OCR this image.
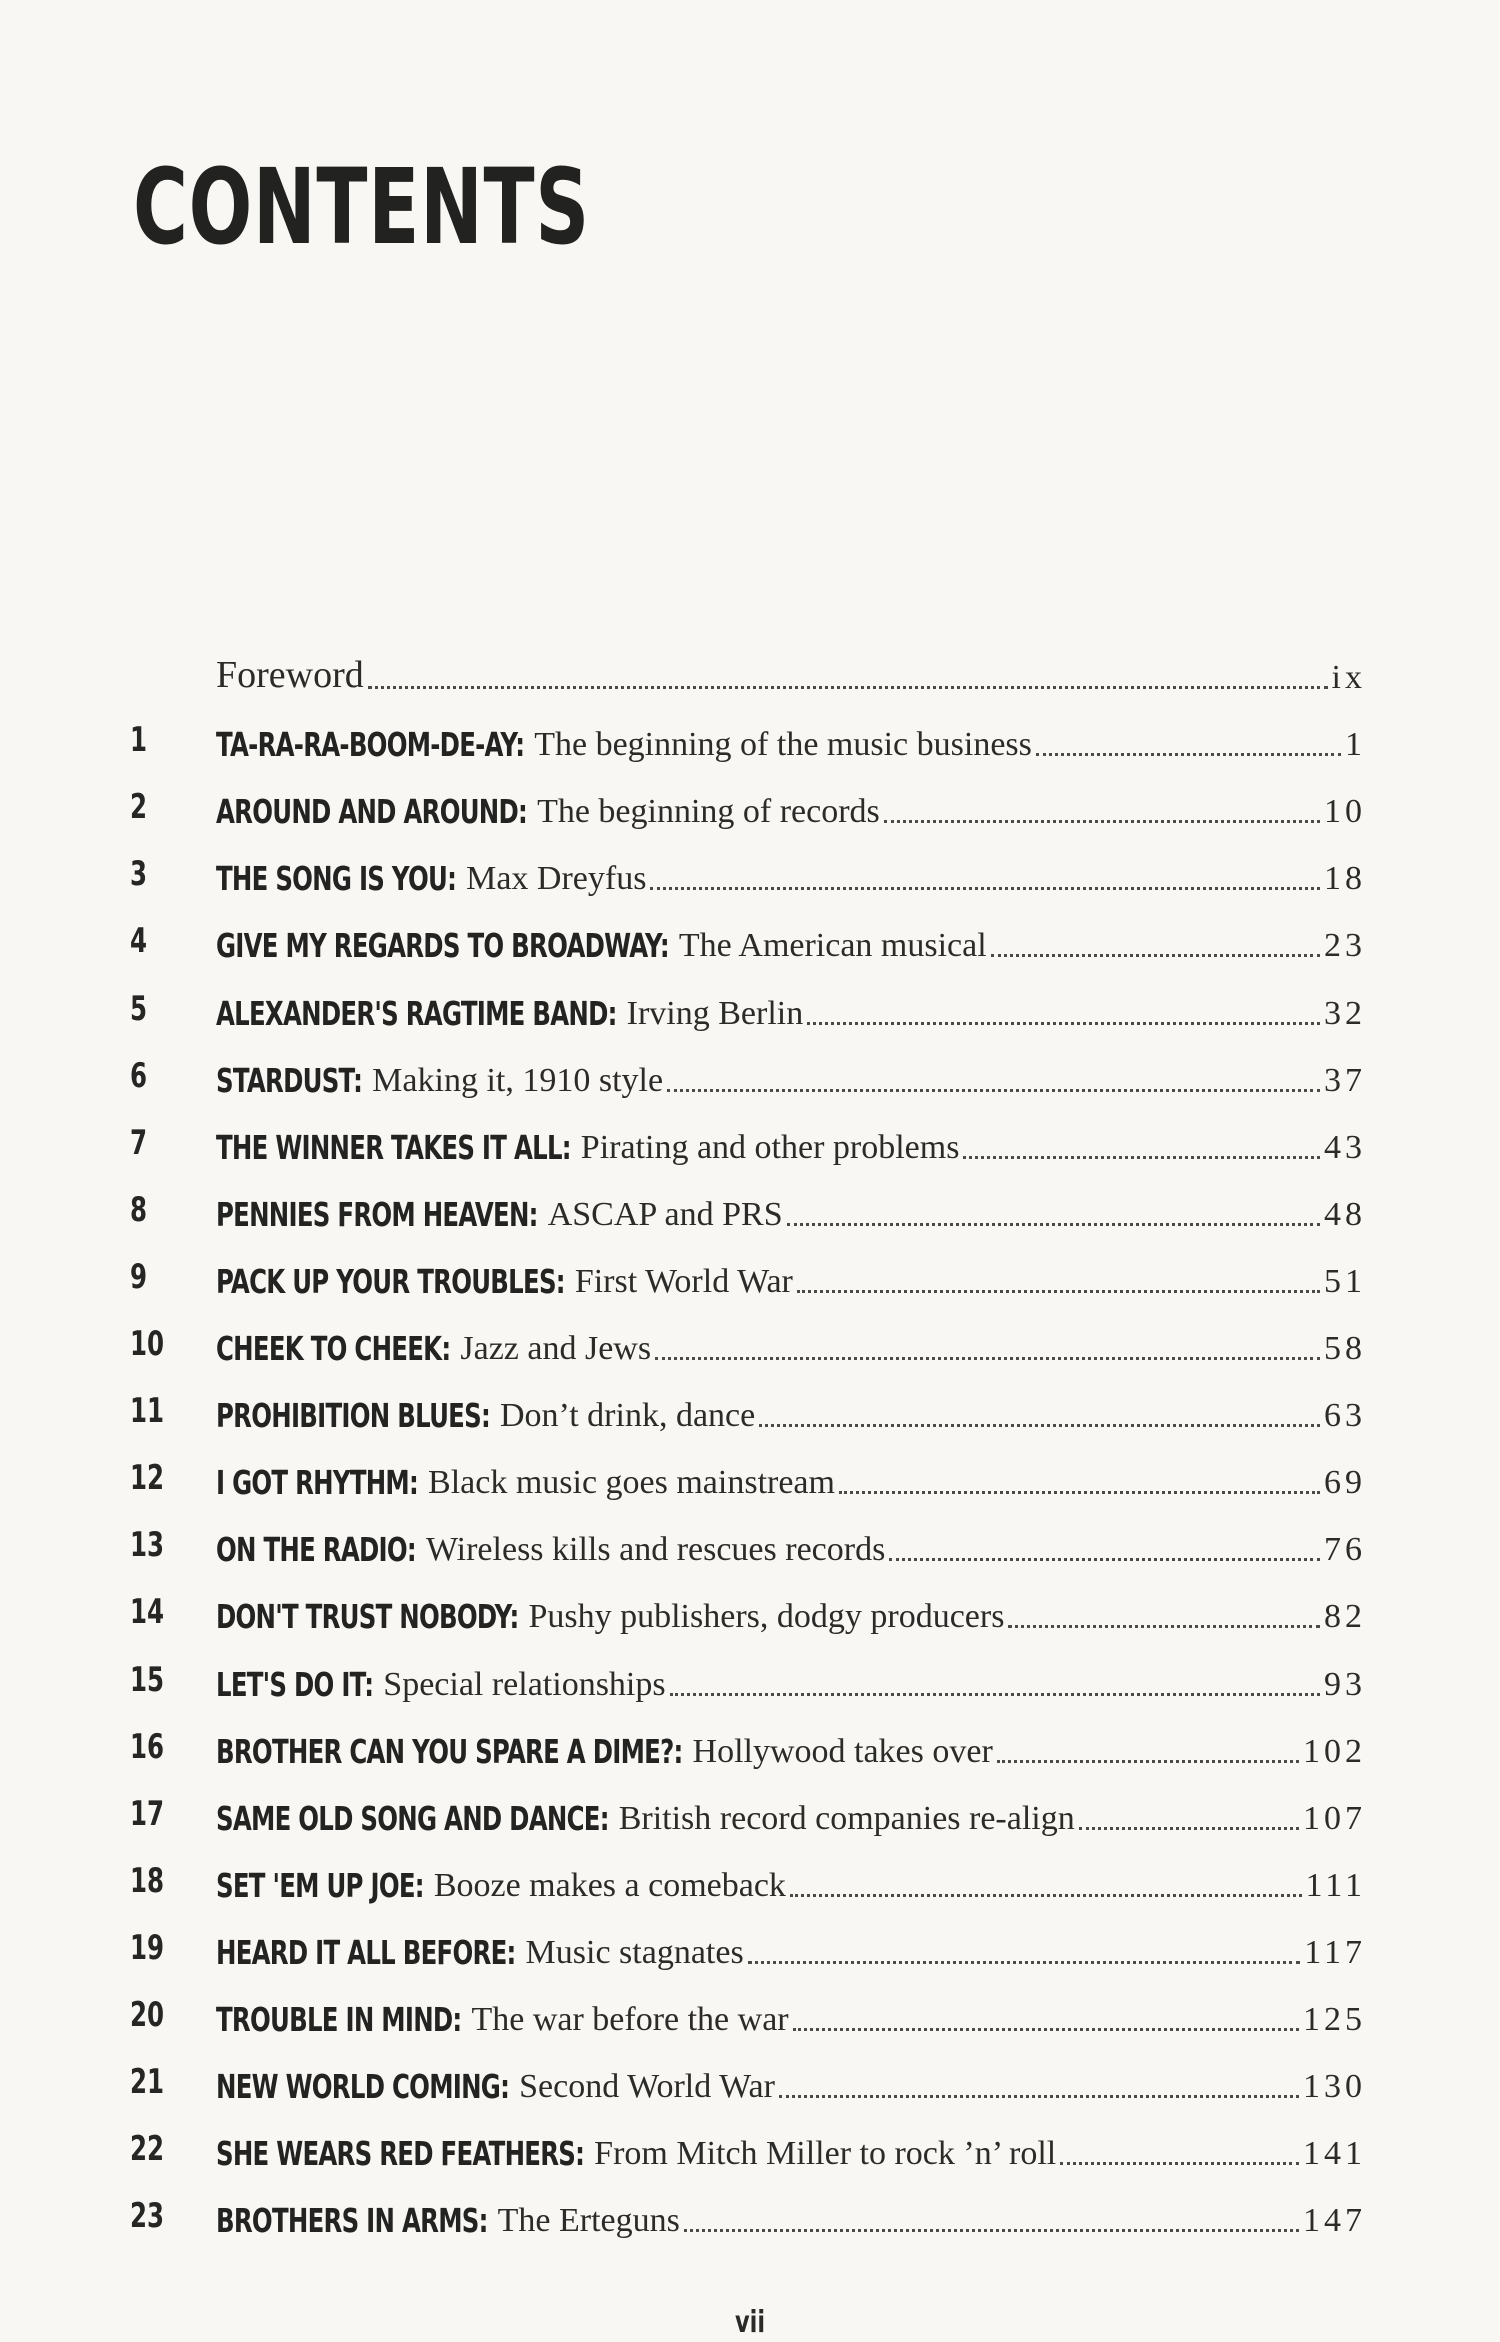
CONTENTS
Foreword	ix
1	TA-RA-RA-BOOM-DE-AY: The beginning of the music business	1
2	AROUND AND AROUND: The beginning of records	10
3	THE SONG IS YOU: Max Dreyfus	18
4	GIVE MY REGARDS TO BROADWAY: The American musical	23
5	ALEXANDER'S RAGTIME BAND: Irving Berlin	32
6	STARDUST: Making it, 1910 style	37
7	THE WINNER TAKES IT ALL: Pirating and other problems	43
8	PENNIES FROM HEAVEN: ASCAP and PRS	48
9	PACK UP YOUR TROUBLES: First World War	51
10	CHEEK TO CHEEK: Jazz and Jews	58
11	PROHIBITION BLUES: Don’t drink, dance	63
12	I GOT RHYTHM: Black music goes mainstream	69
13	ON THE RADIO: Wireless kills and rescues records	76
14	DON'T TRUST NOBODY: Pushy publishers, dodgy producers	82
15	LET'S DO IT: Special relationships	93
16	BROTHER CAN YOU SPARE A DIME?: Hollywood takes over	102
17	SAME OLD SONG AND DANCE: British record companies re-align	107
18	SET 'EM UP JOE: Booze makes a comeback	111
19	HEARD IT ALL BEFORE: Music stagnates	117
20	TROUBLE IN MIND: The war before the war	125
21	NEW WORLD COMING: Second World War	130
22	SHE WEARS RED FEATHERS: From Mitch Miller to rock ’n’ roll	141
23	BROTHERS IN ARMS: The Erteguns	147
vii
